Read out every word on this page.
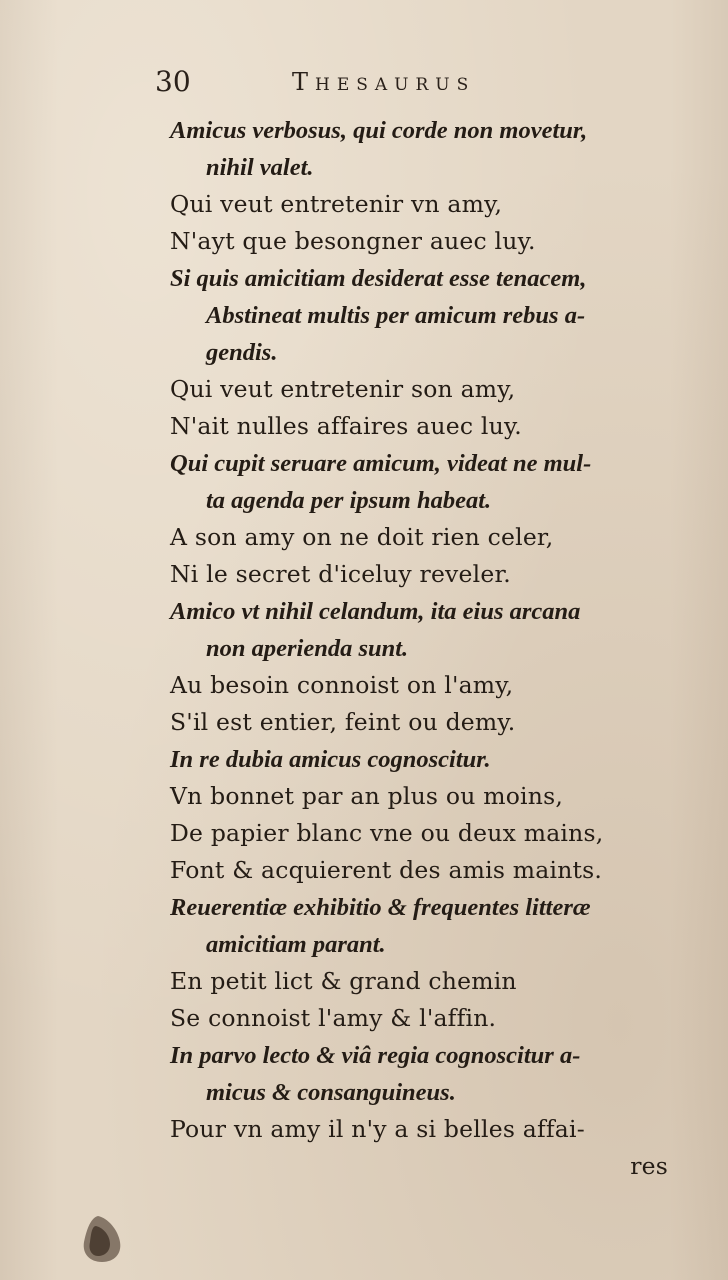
30	Thesaurus
Amicus verbosus, qui corde non movetur,
nihil valet.
Qui veut entretenir vn amy,
N'ayt que besongner auec luy.
Si quis amicitiam desiderat esse tenacem,
Abstineat multis per amicum rebus a-
gendis.
Qui veut entretenir son amy,
N'ait nulles affaires auec luy.
Qui cupit seruare amicum, videat ne mul-
ta agenda per ipsum habeat.
A son amy on ne doit rien celer,
Ni le secret d'iceluy reveler.
Amico vt nihil celandum, ita eius arcana
non aperienda sunt.
Au besoin connoist on l'amy,
S'il est entier, feint ou demy.
In re dubia amicus cognoscitur.
Vn bonnet par an plus ou moins,
De papier blanc vne ou deux mains,
Font & acquierent des amis maints.
Reuerentiæ exhibitio & frequentes litteræ
amicitiam parant.
En petit lict & grand chemin
Se connoist l'amy & l'affin.
In parvo lecto & viâ regia cognoscitur a-
micus & consanguineus.
Pour vn amy il n'y a si belles affai-
res
